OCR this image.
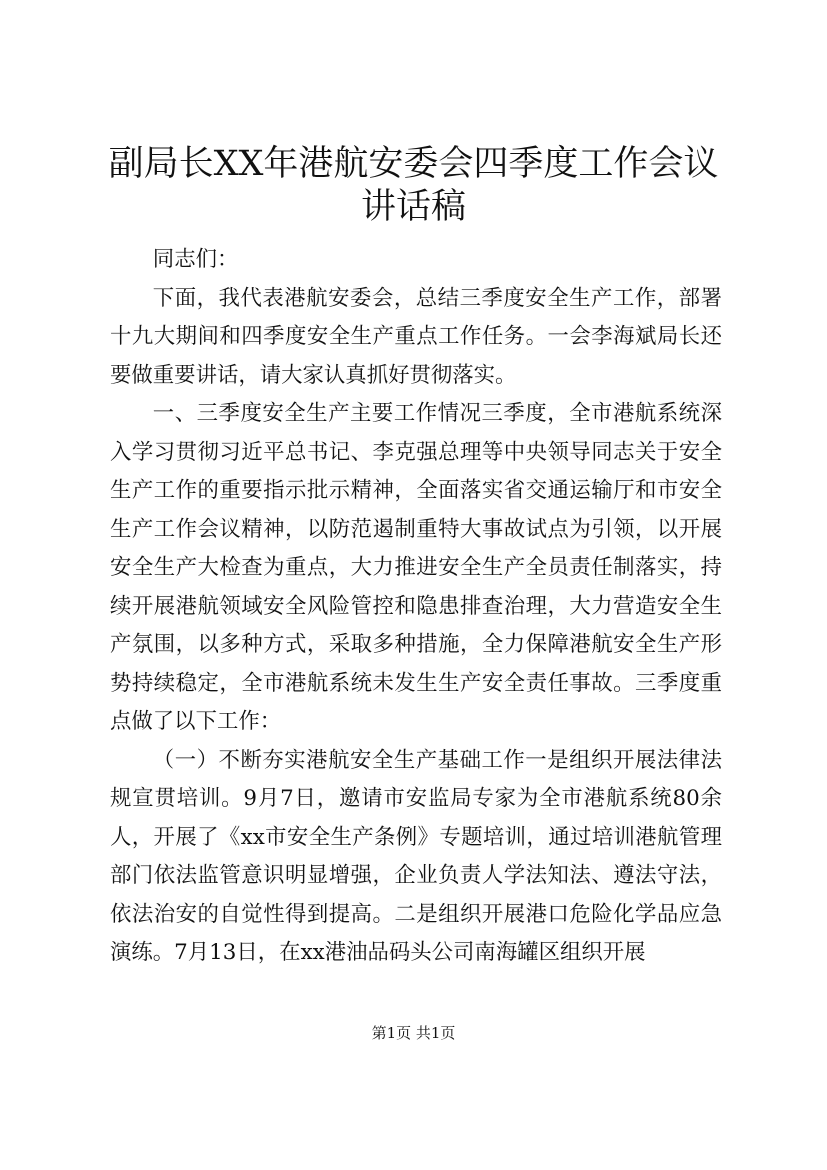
副局长XX年港航安委会四季度工作会议讲话稿

同志们：

下面，我代表港航安委会，总结三季度安全生产工作，部署十九大期间和四季度安全生产重点工作任务。一会李海斌局长还要做重要讲话，请大家认真抓好贯彻落实。

一、三季度安全生产主要工作情况三季度，全市港航系统深入学习贯彻习近平总书记、李克强总理等中央领导同志关于安全生产工作的重要指示批示精神，全面落实省交通运输厅和市安全生产工作会议精神，以防范遏制重特大事故试点为引领，以开展安全生产大检查为重点，大力推进安全生产全员责任制落实，持续开展港航领域安全风险管控和隐患排查治理，大力营造安全生产氛围，以多种方式，采取多种措施，全力保障港航安全生产形势持续稳定，全市港航系统未发生生产安全责任事故。三季度重点做了以下工作：

（一）不断夯实港航安全生产基础工作一是组织开展法律法规宣贯培训。9月7日，邀请市安监局专家为全市港航系统80余人，开展了《xx市安全生产条例》专题培训，通过培训港航管理部门依法监管意识明显增强，企业负责人学法知法、遵法守法，依法治安的自觉性得到提高。二是组织开展港口危险化学品应急演练。7月13日，在xx港油品码头公司南海罐区组织开展

第1页 共1页
